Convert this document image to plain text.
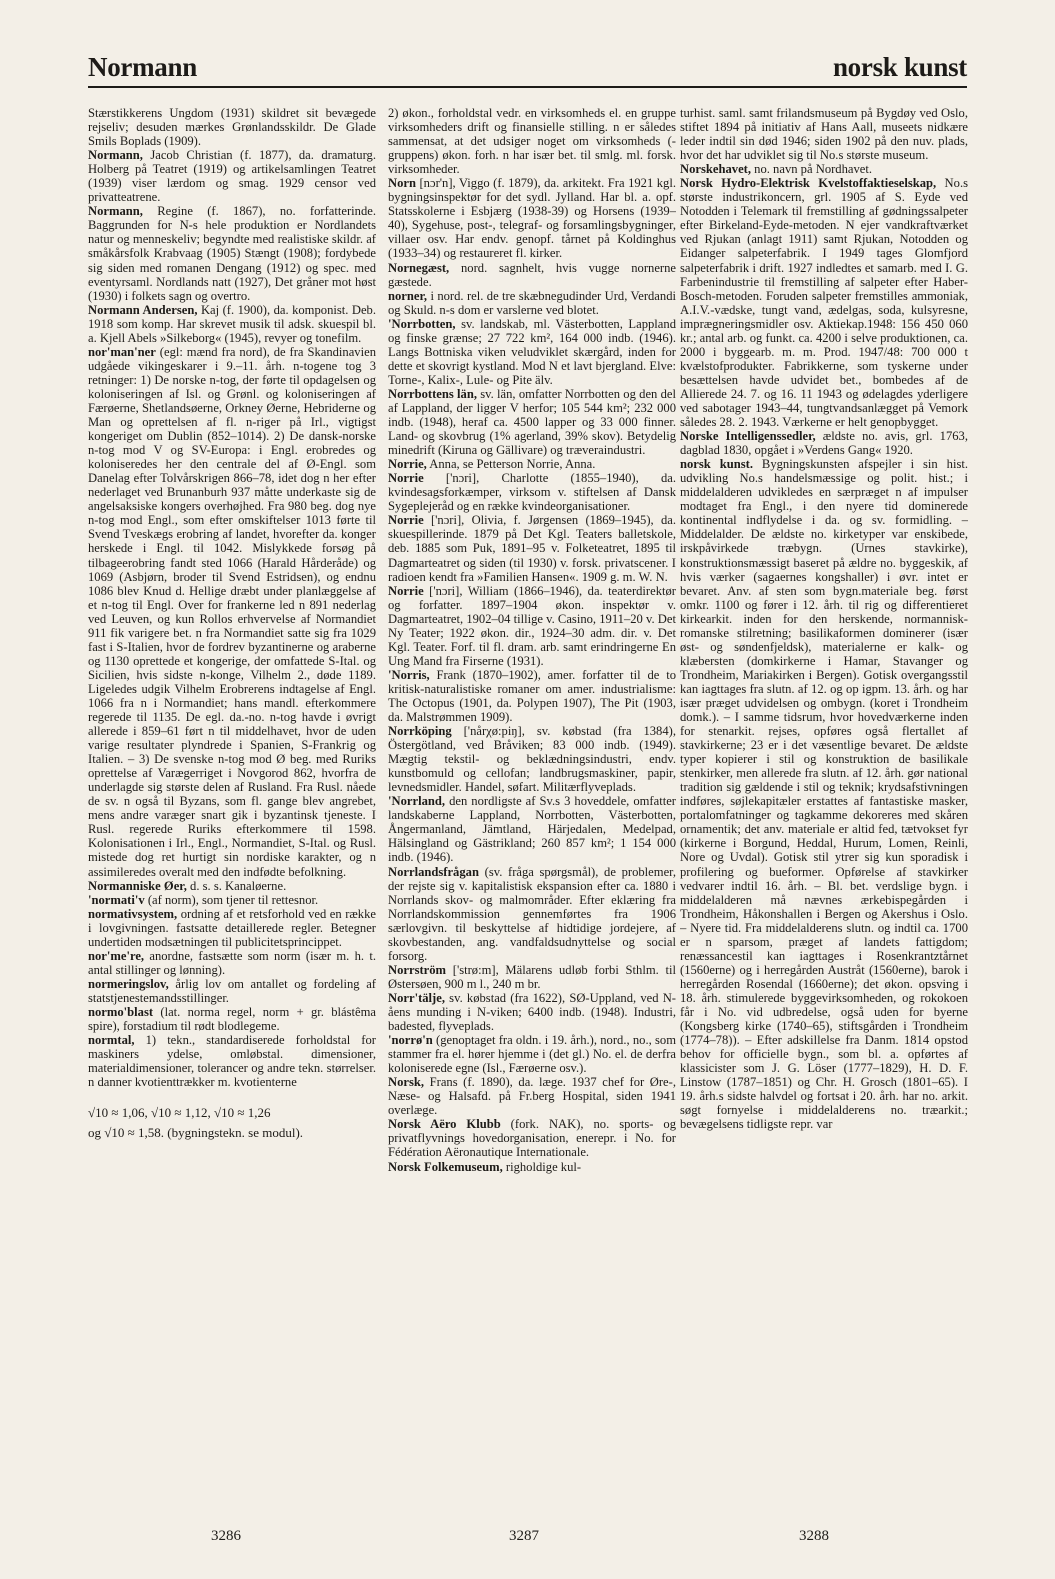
Normann	norsk kunst

Stærstikkerens Ungdom (1931) skildret sit bevægede rejseliv; desuden mærkes Grønlandsskildr. De Glade Smils Boplads (1909).

Normann, Jacob Christian (f. 1877), da. dramaturg. Holberg på Teatret (1919) og artikelsamlingen Teatret (1939) viser lærdom og smag. 1929 censor ved privatteatrene.

Normann, Regine (f. 1867), no. forfatterinde. Baggrunden for N-s hele produktion er Nordlandets natur og menneskeliv; begyndte med realistiske skildr. af småkårsfolk Krabvaag (1905) Stængt (1908); fordybede sig siden med romanen Dengang (1912) og spec. med eventyrsaml. Nordlands natt (1927), Det gråner mot høst (1930) i folkets sagn og overtro.

Normann Andersen, Kaj (f. 1900), da. komponist. Deb. 1918 som komp. Har skrevet musik til adsk. skuespil bl. a. Kjell Abels »Silkeborg« (1945), revyer og tonefilm.

nor'man'ner (egl: mænd fra nord), de fra Skandinavien udgåede vikingeskarer i 9.–11. årh. n-togene tog 3 retninger: 1) De norske n-tog, der førte til opdagelsen og koloniseringen af Isl. og Grønl. og koloniseringen af Færøerne, Shetlandsøerne, Orkney Øerne, Hebriderne og Man og oprettelsen af fl. n-riger på Irl., vigtigst kongeriget om Dublin (852–1014). 2) De dansk-norske n-tog mod V og SV-Europa: i Engl. erobredes og koloniseredes her den centrale del af Ø-Engl. som Danelag efter Tolvårskrigen 866–78, idet dog n her efter nederlaget ved Brunanburh 937 måtte underkaste sig de angelsaksiske kongers overhøjhed. Fra 980 beg. dog nye n-tog mod Engl., som efter omskiftelser 1013 førte til Svend Tveskægs erobring af landet, hvorefter da. konger herskede i Engl. til 1042. Mislykkede forsøg på tilbageerobring fandt sted 1066 (Harald Hårderåde) og 1069 (Asbjørn, broder til Svend Estridsen), og endnu 1086 blev Knud d. Hellige dræbt under planlæggelse af et n-tog til Engl. Over for frankerne led n 891 nederlag ved Leuven, og kun Rollos erhvervelse af Normandiet 911 fik varigere bet. n fra Normandiet satte sig fra 1029 fast i S-Italien, hvor de fordrev byzantinerne og araberne og 1130 oprettede et kongerige, der omfattede S-Ital. og Sicilien, hvis sidste n-konge, Vilhelm 2., døde 1189. Ligeledes udgik Vilhelm Erobrerens indtagelse af Engl. 1066 fra n i Normandiet; hans mandl. efterkommere regerede til 1135. De egl. da.-no. n-tog havde i øvrigt allerede i 859–61 ført n til middelhavet, hvor de uden varige resultater plyndrede i Spanien, S-Frankrig og Italien. – 3) De svenske n-tog mod Ø beg. med Ruriks oprettelse af Varægerriget i Novgorod 862, hvorfra de underlagde sig største delen af Rusland. Fra Rusl. nåede de sv. n også til Byzans, som fl. gange blev angrebet, mens andre varæger snart gik i byzantinsk tjeneste. I Rusl. regerede Ruriks efterkommere til 1598. Kolonisationen i Irl., Engl., Normandiet, S-Ital. og Rusl. mistede dog ret hurtigt sin nordiske karakter, og n assimileredes overalt med den indfødte befolkning.

Normanniske Øer, d. s. s. Kanaløerne.

'normati'v (af norm), som tjener til rettesnor.

normativsystem, ordning af et retsforhold ved en række i lovgivningen. fastsatte detaillerede regler. Betegner undertiden modsætningen til publicitetsprincippet.

nor'me're, anordne, fastsætte som norm (især m. h. t. antal stillinger og lønning).

normeringslov, årlig lov om antallet og fordeling af statstjenestemandsstillinger.

normo'blast (lat. norma regel, norm + gr. blástêma spire), forstadium til rødt blodlegeme.

normtal, 1) tekn., standardiserede forholdstal for maskiners ydelse, omløbstal. dimensioner, materialdimensioner, tolerancer og andre tekn. størrelser. n danner kvotienttrækker m. kvotienterne

√10 ≈ 1,06, √10 ≈ 1,12, √10 ≈ 1,26
og √10 ≈ 1,58. (bygningstekn. se modul).

2) økon., forholdstal vedr. en virksomheds el. en gruppe virksomheders drift og finansielle stilling. n er således sammensat, at det udsiger noget om virksomheds (-gruppens) økon. forh. n har især bet. til smlg. ml. forsk. virksomheder.

Norn [nɔr'n], Viggo (f. 1879), da. arkitekt. Fra 1921 kgl. bygningsinspektør for det sydl. Jylland. Har bl. a. opf. Statsskolerne i Esbjærg (1938-39) og Horsens (1939–40), Sygehuse, post-, telegraf- og forsamlingsbygninger, villaer osv. Har endv. genopf. tårnet på Koldinghus (1933–34) og restaureret fl. kirker.

Nornegæst, nord. sagnhelt, hvis vugge nornerne gæstede.

norner, i nord. rel. de tre skæbnegudinder Urd, Verdandi og Skuld. n-s dom er varslerne ved blotet.

'Norrbotten, sv. landskab, ml. Västerbotten, Lappland og finske grænse; 27 722 km², 164 000 indb. (1946). Langs Bottniska viken veludviklet skærgård, inden for dette et skovrigt kystland. Mod N et lavt bjergland. Elve: Torne-, Kalix-, Lule- og Pite älv.

Norrbottens län, sv. län, omfatter Norrbotten og den del af Lappland, der ligger V herfor; 105 544 km²; 232 000 indb. (1948), heraf ca. 4500 lapper og 33 000 finner. Land- og skovbrug (1% agerland, 39% skov). Betydelig minedrift (Kiruna og Gällivare) og træveraindustri.

Norrie, Anna, se Petterson Norrie, Anna.

Norrie ['nɔri], Charlotte (1855–1940), da. kvindesagsforkæmper, virksom v. stiftelsen af Dansk Sygeplejeråd og en række kvindeorganisationer.

Norrie ['nɔri], Olivia, f. Jørgensen (1869–1945), da. skuespillerinde. 1879 på Det Kgl. Teaters balletskole, deb. 1885 som Puk, 1891–95 v. Folketeatret, 1895 til Dagmarteatret og siden (til 1930) v. forsk. privatscener. I radioen kendt fra »Familien Hansen«. 1909 g. m. W. N.

Norrie ['nɔri], William (1866–1946), da. teaterdirektør og forfatter. 1897–1904 økon. inspektør v. Dagmarteatret, 1902–04 tillige v. Casino, 1911–20 v. Det Ny Teater; 1922 økon. dir., 1924–30 adm. dir. v. Det Kgl. Teater. Forf. til fl. dram. arb. samt erindringerne En Ung Mand fra Firserne (1931).

'Norris, Frank (1870–1902), amer. forfatter til de to kritisk-naturalistiske romaner om amer. industrialisme: The Octopus (1901, da. Polypen 1907), The Pit (1903, da. Malstrømmen 1909).

Norrköping ['nårχø:piŋ], sv. købstad (fra 1384), Östergötland, ved Bråviken; 83 000 indb. (1949). Mægtig tekstil- og beklædningsindustri, endv. kunstbomuld og cellofan; landbrugsmaskiner, papir, levnedsmidler. Handel, søfart. Militærflyveplads.

'Norrland, den nordligste af Sv.s 3 hoveddele, omfatter landskaberne Lappland, Norrbotten, Västerbotten, Ångermanland, Jämtland, Härjedalen, Medelpad, Hälsingland og Gästrikland; 260 857 km²; 1 154 000 indb. (1946).

Norrlandsfrågan (sv. fråga spørgsmål), de problemer, der rejste sig v. kapitalistisk ekspansion efter ca. 1880 i Norrlands skov- og malmområder. Efter eklæring fra Norrlandskommission gennemførtes fra 1906 særlovgivn. til beskyttelse af hidtidige jordejere, af skovbestanden, ang. vandfaldsudnyttelse og social forsorg.

Norrström ['strø:m], Mälarens udløb forbi Sthlm. til Østersøen, 900 m l., 240 m br.

Norr'tälje, sv. købstad (fra 1622), SØ-Uppland, ved N-åens munding i N-viken; 6400 indb. (1948). Industri, badested, flyveplads.

'norrø'n (genoptaget fra oldn. i 19. årh.), nord., no., som stammer fra el. hører hjemme i (det gl.) No. el. de derfra koloniserede egne (Isl., Færøerne osv.).

Norsk, Frans (f. 1890), da. læge. 1937 chef for Øre-, Næse- og Halsafd. på Fr.berg Hospital, siden 1941 overlæge.

Norsk Aëro Klubb (fork. NAK), no. sports- og privatflyvnings hovedorganisation, enerepr. i No. for Fédération Aëronautique Internationale.

Norsk Folkemuseum, righoldige kul-

turhist. saml. samt frilandsmuseum på Bygdøy ved Oslo, stiftet 1894 på initiativ af Hans Aall, museets nidkære leder indtil sin død 1946; siden 1902 på den nuv. plads, hvor det har udviklet sig til No.s største museum.

Norskehavet, no. navn på Nordhavet.

Norsk Hydro-Elektrisk Kvelstoffaktieselskap, No.s største industrikoncern, grl. 1905 af S. Eyde ved Notodden i Telemark til fremstilling af gødningssalpeter efter Birkeland-Eyde-metoden. N ejer vandkraftværket ved Rjukan (anlagt 1911) samt Rjukan, Notodden og Eidanger salpeterfabrik. I 1949 tages Glomfjord salpeterfabrik i drift. 1927 indledtes et samarb. med I. G. Farbenindustrie til fremstilling af salpeter efter Haber-Bosch-metoden. Foruden salpeter fremstilles ammoniak, A.I.V.-vædske, tungt vand, ædelgas, soda, kulsyresne, imprægneringsmidler osv. Aktiekap.1948: 156 450 060 kr.; antal arb. og funkt. ca. 4200 i selve produktionen, ca. 2000 i byggearb. m. m. Prod. 1947/48: 700 000 t kvælstofprodukter. Fabrikkerne, som tyskerne under besættelsen havde udvidet bet., bombedes af de Allierede 24. 7. og 16. 11 1943 og ødelagdes yderligere ved sabotager 1943–44, tungtvandsanlægget på Vemork således 28. 2. 1943. Værkerne er helt genopbygget.

Norske Intelligenssedler, ældste no. avis, grl. 1763, dagblad 1830, opgået i »Verdens Gang« 1920.

norsk kunst. Bygningskunsten afspejler i sin hist. udvikling No.s handelsmæssige og polit. hist.; i middelalderen udvikledes en særpræget n af impulser modtaget fra Engl., i den nyere tid dominerede kontinental indflydelse i da. og sv. formidling. – Middelalder. De ældste no. kirketyper var enskibede, irskpåvirkede træbygn. (Urnes stavkirke), konstruktionsmæssigt baseret på ældre no. byggeskik, af hvis værker (sagaernes kongshaller) i øvr. intet er bevaret. Anv. af sten som bygn.materiale beg. først omkr. 1100 og fører i 12. årh. til rig og differentieret kirkearkit. inden for den herskende, normannisk-romanske stilretning; basilikaformen dominerer (især øst- og søndenfjeldsk), materialerne er kalk- og klæbersten (domkirkerne i Hamar, Stavanger og Trondheim, Mariakirken i Bergen). Gotisk overgangsstil kan iagttages fra slutn. af 12. og op igpm. 13. årh. og har især præget udvidelsen og ombygn. (koret i Trondheim domk.). – I samme tidsrum, hvor hovedværkerne inden for stenarkit. rejses, opføres også flertallet af stavkirkerne; 23 er i det væsentlige bevaret. De ældste typer kopierer i stil og konstruktion de basilikale stenkirker, men allerede fra slutn. af 12. årh. gør national tradition sig gældende i stil og teknik; krydsafstivningen indføres, søjlekapitæler erstattes af fantastiske masker, portalomfatninger og tagkamme dekoreres med skåren ornamentik; det anv. materiale er altid fed, tætvokset fyr (kirkerne i Borgund, Heddal, Hurum, Lomen, Reinli, Nore og Uvdal). Gotisk stil ytrer sig kun sporadisk i profilering og bueformer. Opførelse af stavkirker vedvarer indtil 16. årh. – Bl. bet. verdslige bygn. i middelalderen må nævnes ærkebispegården i Trondheim, Håkonshallen i Bergen og Akershus i Oslo. – Nyere tid. Fra middelalderens slutn. og indtil ca. 1700 er n sparsom, præget af landets fattigdom; renæssancestil kan iagttages i Rosenkrantztårnet (1560erne) og i herregården Austråt (1560erne), barok i herregården Rosendal (1660erne); det økon. opsving i 18. årh. stimulerede byggevirksomheden, og rokokoen får i No. vid udbredelse, også uden for byerne (Kongsberg kirke (1740–65), stiftsgården i Trondheim (1774–78)). – Efter adskillelse fra Danm. 1814 opstod behov for officielle bygn., som bl. a. opførtes af klassicister som J. G. Löser (1777–1829), H. D. F. Linstow (1787–1851) og Chr. H. Grosch (1801–65). I 19. årh.s sidste halvdel og fortsat i 20. årh. har no. arkit. søgt fornyelse i middelalderens no. træarkit.; bevægelsens tidligste repr. var

3286	3287	3288
